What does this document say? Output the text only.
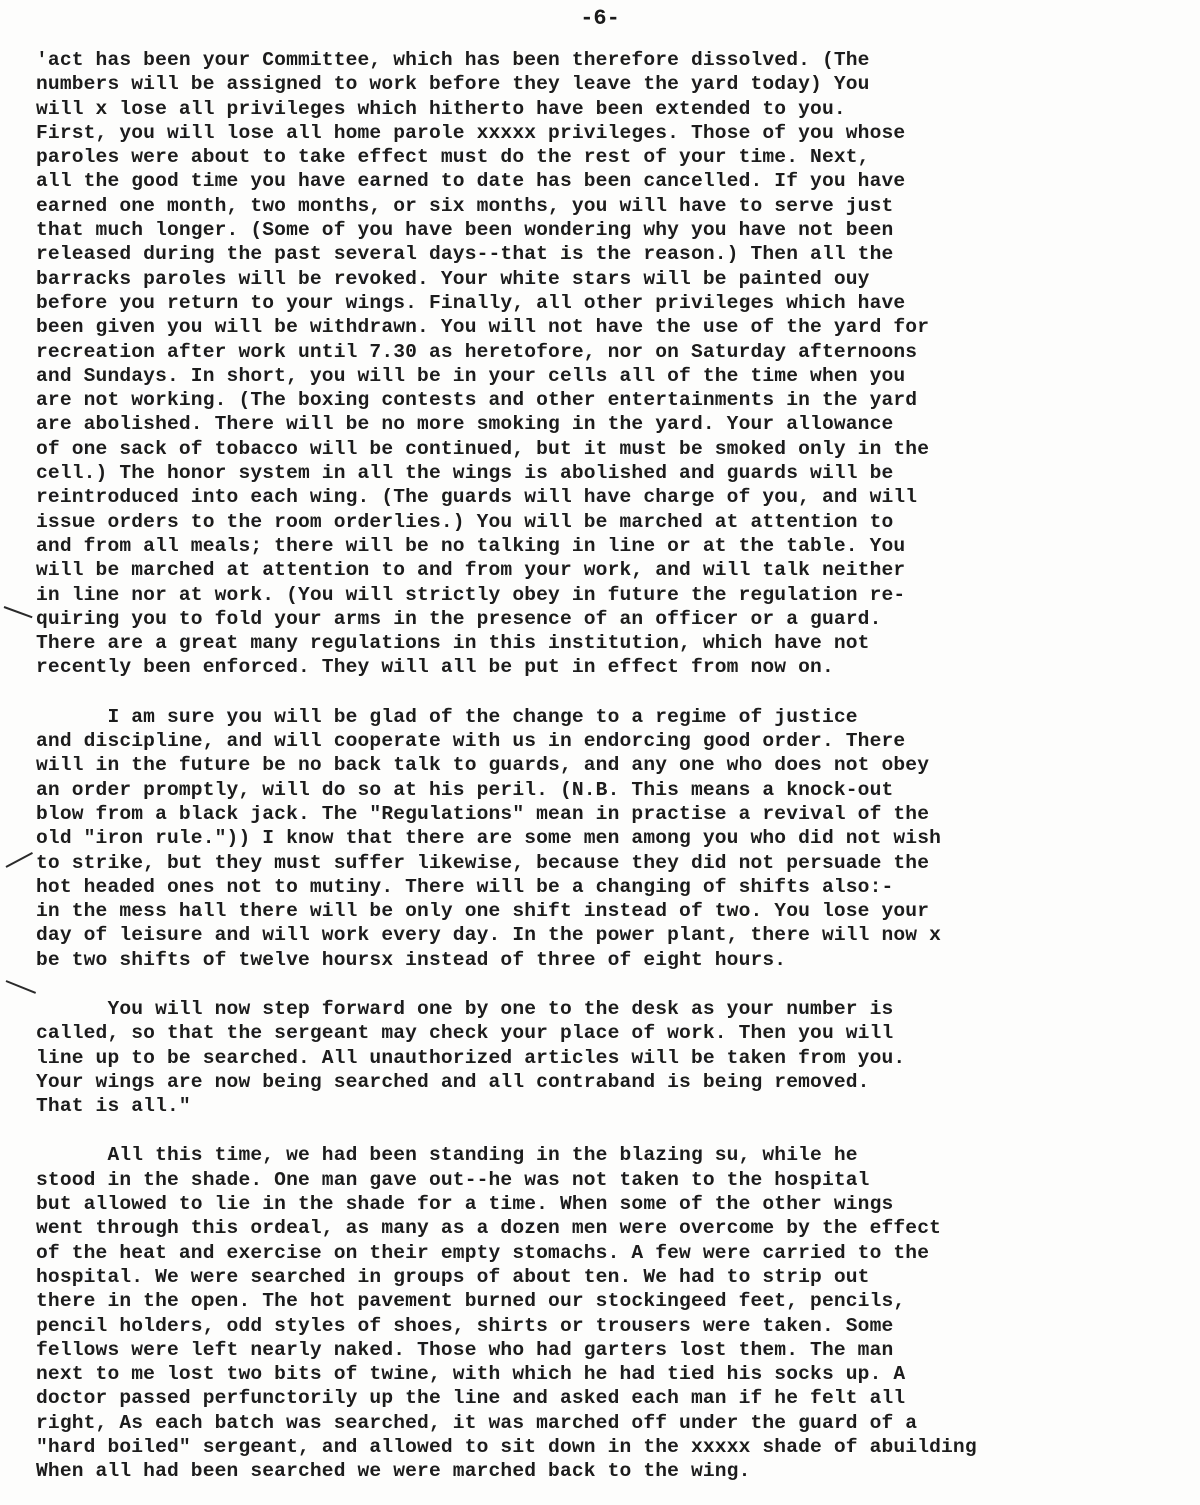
-6-
'act has been your Committee, which has been therefore dissolved. (The
numbers will be assigned to work before they leave the yard today) You
will x lose all privileges which hitherto have been extended to you.
First, you will lose all home parole xxxxx privileges. Those of you whose
paroles were about to take effect must do the rest of your time. Next,
all the good time you have earned to date has been cancelled. If you have
earned one month, two months, or six months, you will have to serve just
that much longer. (Some of you have been wondering why you have not been
released during the past several days--that is the reason.) Then all the
barracks paroles will be revoked. Your white stars will be painted ouy
before you return to your wings. Finally, all other privileges which have
been given you will be withdrawn. You will not have the use of the yard for
recreation after work until 7.30 as heretofore, nor on Saturday afternoons
and Sundays. In short, you will be in your cells all of the time when you
are not working. (The boxing contests and other entertainments in the yard
are abolished. There will be no more smoking in the yard. Your allowance
of one sack of tobacco will be continued, but it must be smoked only in the
cell.) The honor system in all the wings is abolished and guards will be
reintroduced into each wing. (The guards will have charge of you, and will
issue orders to the room orderlies.) You will be marched at attention to
and from all meals; there will be no talking in line or at the table. You
will be marched at attention to and from your work, and will talk neither
in line nor at work. (You will strictly obey in future the regulation re-
quiring you to fold your arms in the presence of an officer or a guard.
There are a great many regulations in this institution, which have not
recently been enforced. They will all be put in effect from now on.
I am sure you will be glad of the change to a regime of justice
and discipline, and will cooperate with us in endorcing good order. There
will in the future be no back talk to guards, and any one who does not obey
an order promptly, will do so at his peril. (N.B. This means a knock-out
blow from a black jack. The "Regulations" mean in practise a revival of the
old "iron rule.")) I know that there are some men among you who did not wish
to strike, but they must suffer likewise, because they did not persuade the
hot headed ones not to mutiny. There will be a changing of shifts also:-
in the mess hall there will be only one shift instead of two. You lose your
day of leisure and will work every day. In the power plant, there will now x
be two shifts of twelve hoursx instead of three of eight hours.
You will now step forward one by one to the desk as your number is
called, so that the sergeant may check your place of work. Then you will
line up to be searched. All unauthorized articles will be taken from you.
Your wings are now being searched and all contraband is being removed.
That is all."
All this time, we had been standing in the blazing su, while he
stood in the shade. One man gave out--he was not taken to the hospital
but allowed to lie in the shade for a time. When some of the other wings
went through this ordeal, as many as a dozen men were overcome by the effect
of the heat and exercise on their empty stomachs. A few were carried to the
hospital. We were searched in groups of about ten. We had to strip out
there in the open. The hot pavement burned our stockingeed feet, pencils,
pencil holders, odd styles of shoes, shirts or trousers were taken. Some
fellows were left nearly naked. Those who had garters lost them. The man
next to me lost two bits of twine, with which he had tied his socks up. A
doctor passed perfunctorily up the line and asked each man if he felt all
right, As each batch was searched, it was marched off under the guard of a
"hard boiled" sergeant, and allowed to sit down in the xxxxx shade of abuilding
When all had been searched we were marched back to the wing.
